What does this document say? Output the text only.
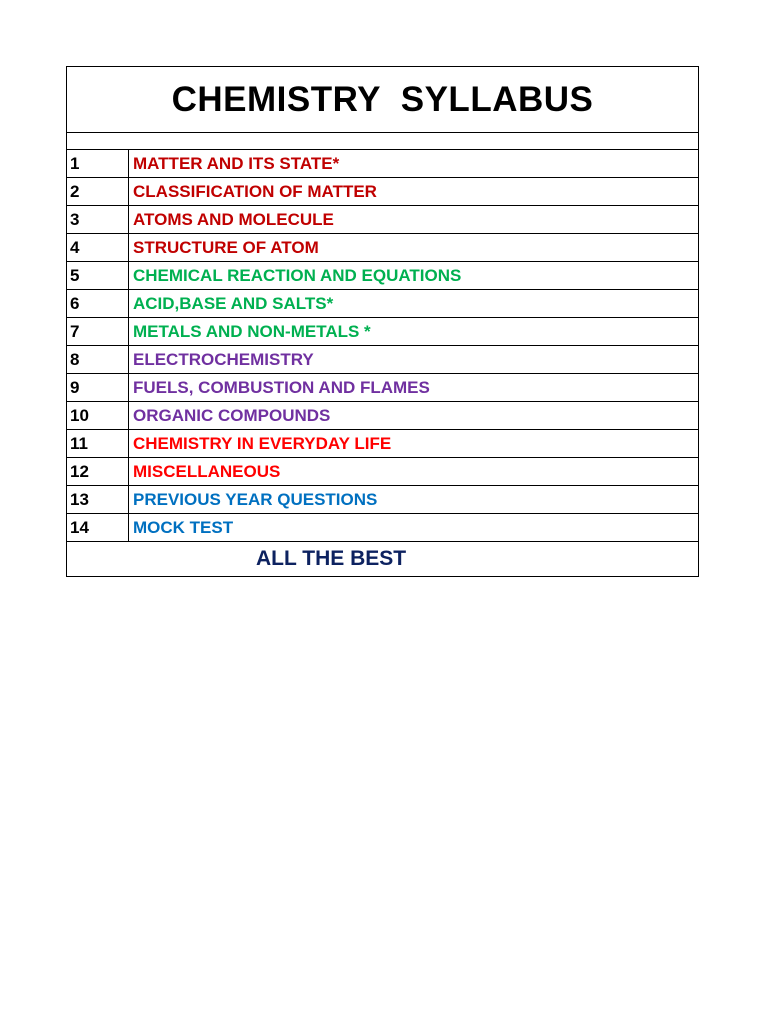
CHEMISTRY  SYLLABUS
1	MATTER AND ITS STATE*
2	CLASSIFICATION OF MATTER
3	ATOMS AND MOLECULE
4	STRUCTURE OF ATOM
5	CHEMICAL REACTION AND EQUATIONS
6	ACID,BASE AND SALTS*
7	METALS AND NON-METALS *
8	ELECTROCHEMISTRY
9	FUELS, COMBUSTION AND FLAMES
10	ORGANIC COMPOUNDS
11	CHEMISTRY IN EVERYDAY LIFE
12	MISCELLANEOUS
13	PREVIOUS YEAR QUESTIONS
14	MOCK TEST
ALL THE BEST
